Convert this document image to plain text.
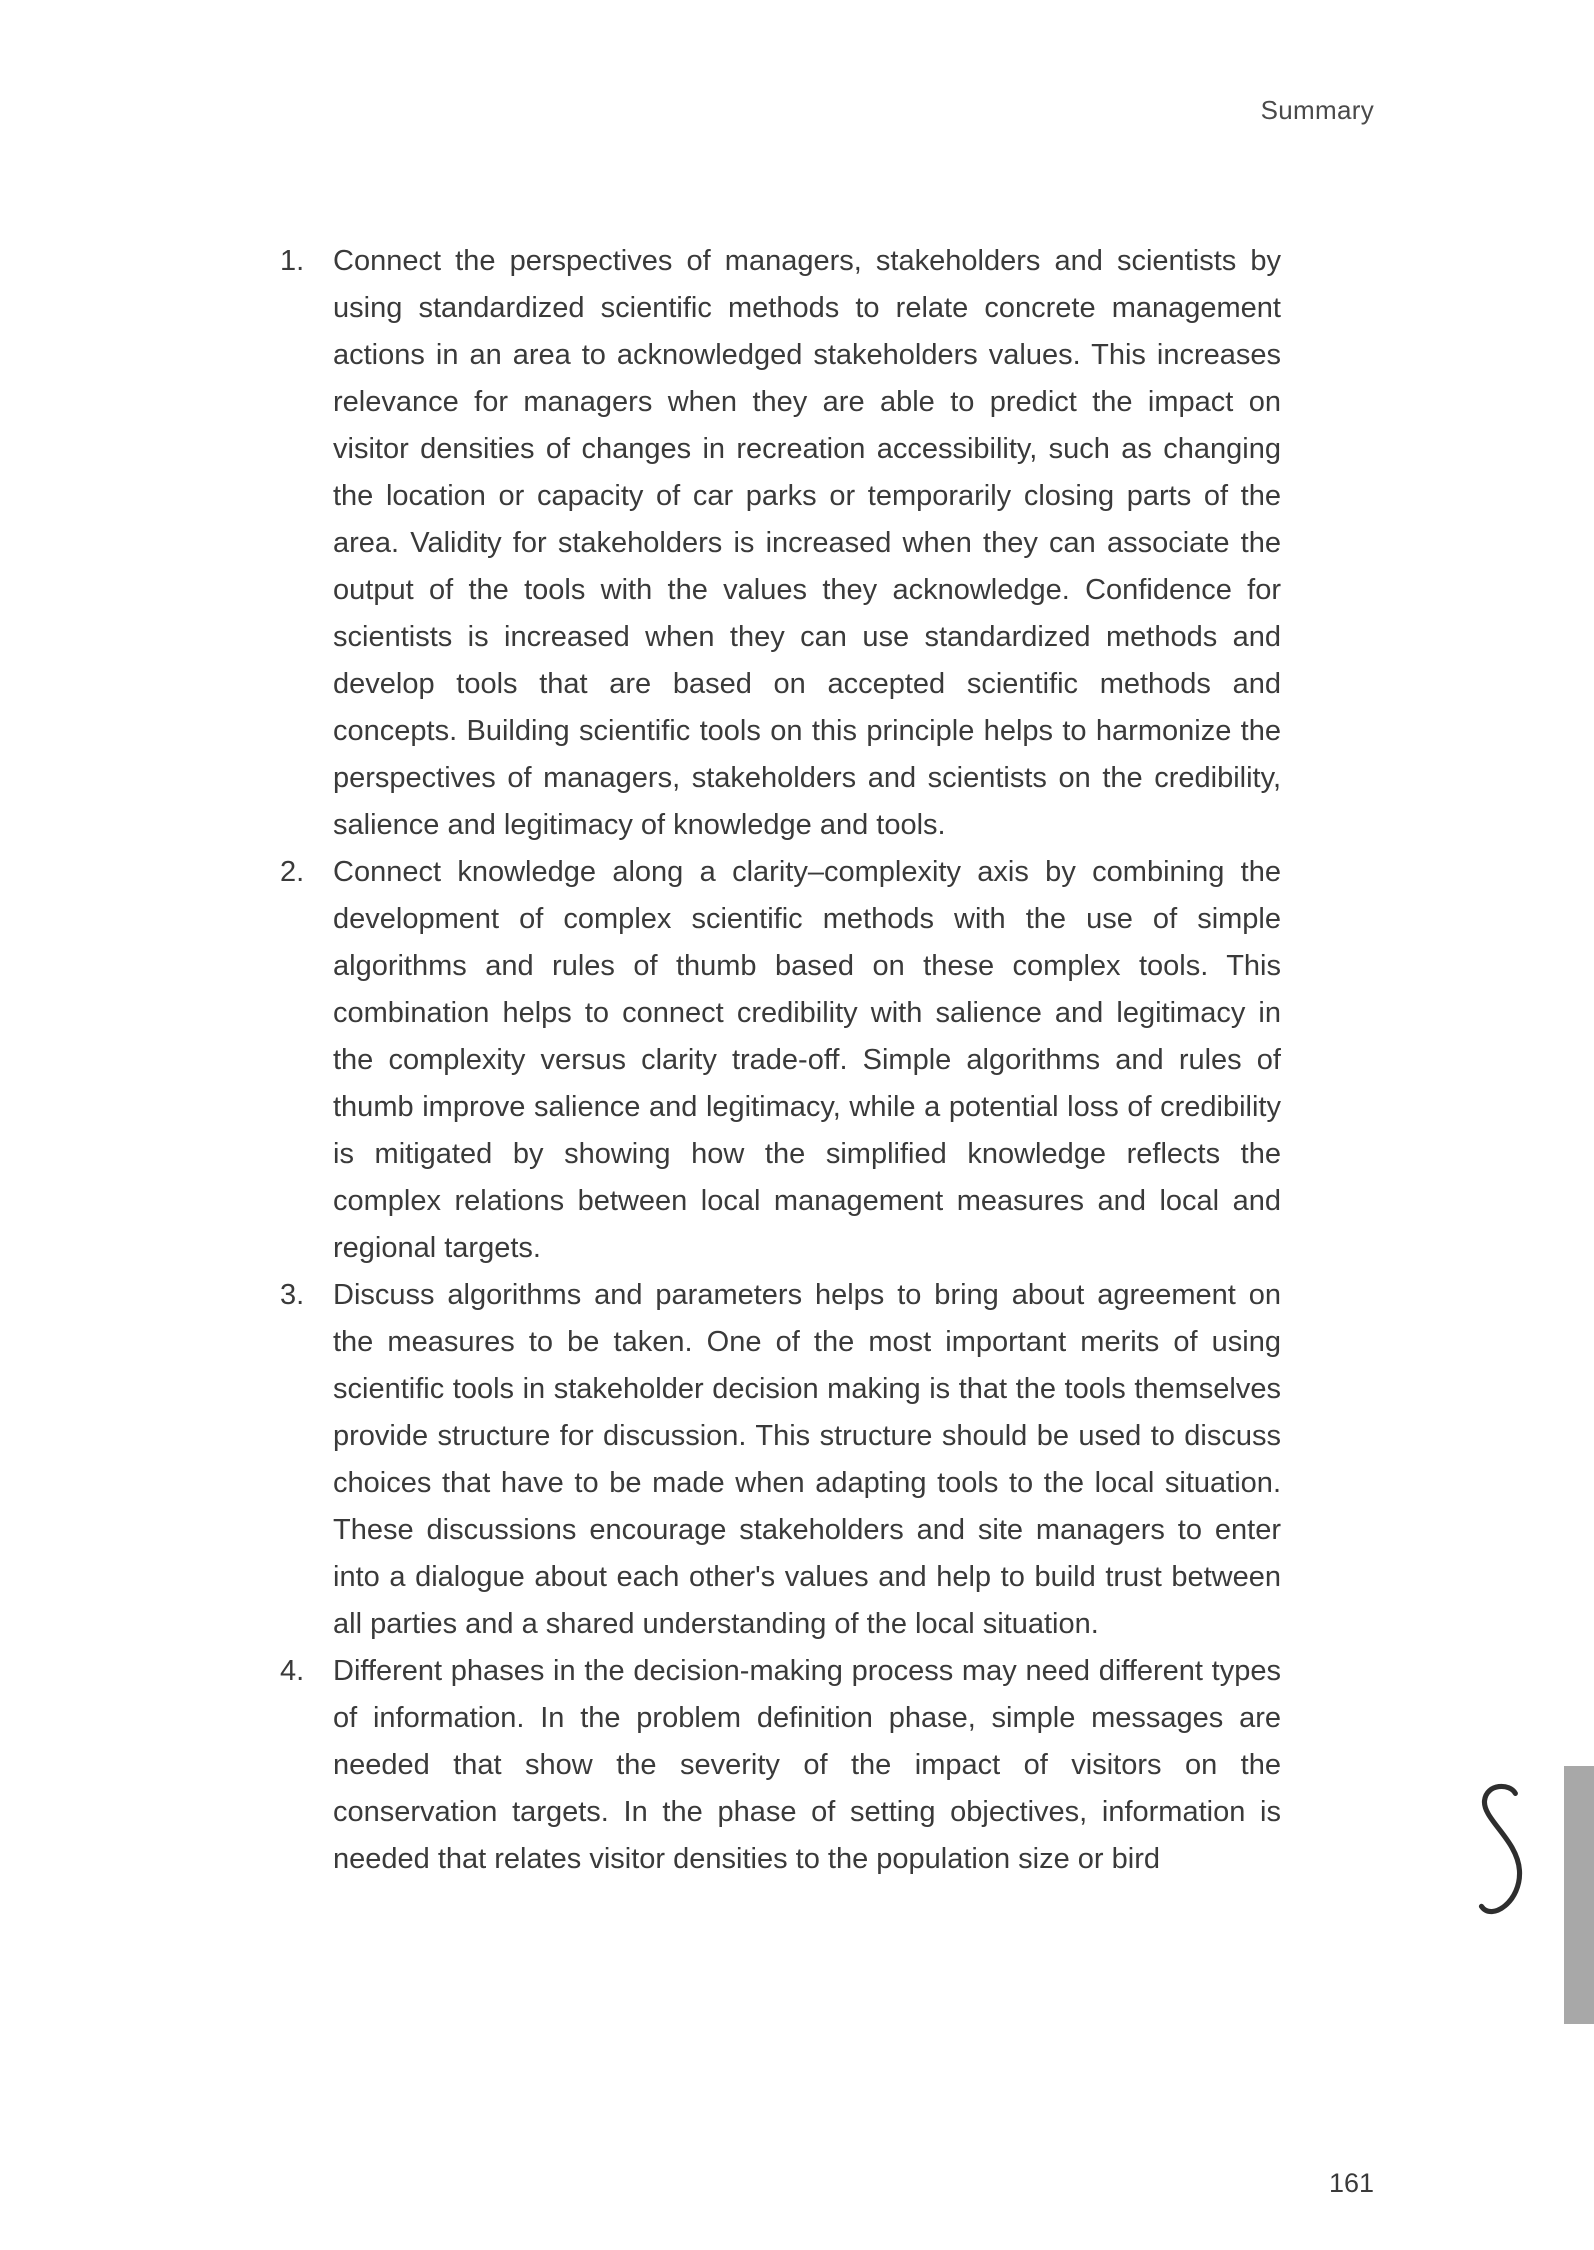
Summary
1. Connect the perspectives of managers, stakeholders and scientists by using standardized scientific methods to relate concrete management actions in an area to acknowledged stakeholders values. This increases relevance for managers when they are able to predict the impact on visitor densities of changes in recreation accessibility, such as changing the location or capacity of car parks or temporarily closing parts of the area. Validity for stakeholders is increased when they can associate the output of the tools with the values they acknowledge. Confidence for scientists is increased when they can use standardized methods and develop tools that are based on accepted scientific methods and concepts. Building scientific tools on this principle helps to harmonize the perspectives of managers, stakeholders and scientists on the credibility, salience and legitimacy of knowledge and tools.

2. Connect knowledge along a clarity–complexity axis by combining the development of complex scientific methods with the use of simple algorithms and rules of thumb based on these complex tools. This combination helps to connect credibility with salience and legitimacy in the complexity versus clarity trade-off. Simple algorithms and rules of thumb improve salience and legitimacy, while a potential loss of credibility is mitigated by showing how the simplified knowledge reflects the complex relations between local management measures and local and regional targets.

3. Discuss algorithms and parameters helps to bring about agreement on the measures to be taken. One of the most important merits of using scientific tools in stakeholder decision making is that the tools themselves provide structure for discussion. This structure should be used to discuss choices that have to be made when adapting tools to the local situation. These discussions encourage stakeholders and site managers to enter into a dialogue about each other's values and help to build trust between all parties and a shared understanding of the local situation.

4. Different phases in the decision-making process may need different types of information. In the problem definition phase, simple messages are needed that show the severity of the impact of visitors on the conservation targets. In the phase of setting objectives, information is needed that relates visitor densities to the population size or bird

161
